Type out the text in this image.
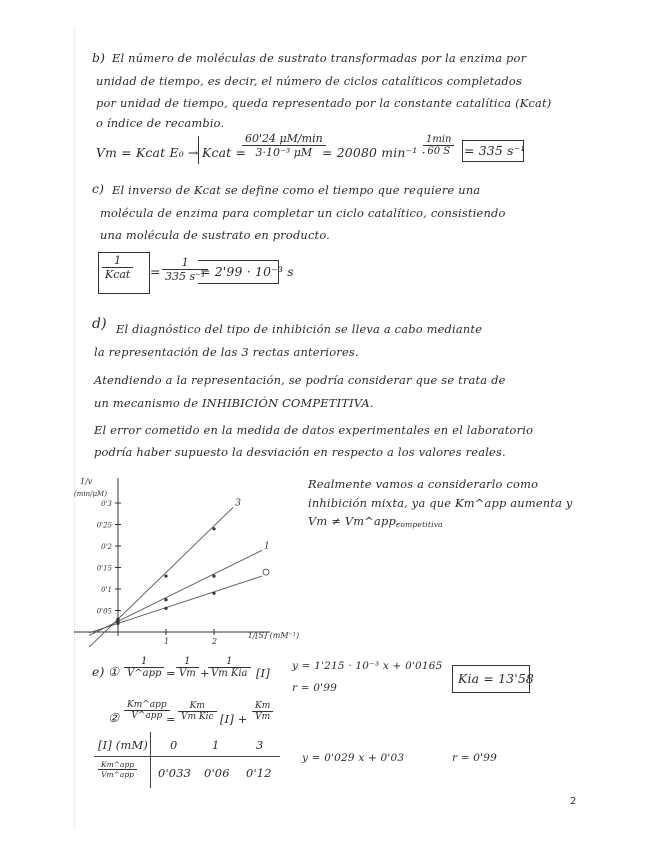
b) El número de moléculas de sustrato transformadas por la enzima por
unidad de tiempo, es decir, el número de ciclos catalíticos completados
por unidad de tiempo, queda representado por la constante catalítica (Kcat)
o índice de recambio.
Vm = Kcat E₀ → Kcat =
60'24 μM/min
3·10⁻³ μM = 20080 min⁻¹ ·
1min
60 S	= 335 s⁻¹
c) El inverso de Kcat se define como el tiempo que requiere una
molécula de enzima para completar un ciclo catalítico, consistiendo
una molécula de sustrato en producto.
1
Kcat = $\frac{1}{\text{335 s⁻¹}}$
= 2'99 · 10⁻³ s
d) El diagnóstico del tipo de inhibición se lleva a cabo mediante
la representación de las 3 rectas anteriores.
Atendiendo a la representación, se podría considerar que se trata de
un mecanismo de INHIBICIÓN COMPETITIVA.
El error cometido en la medida de datos experimentales en el laboratorio
podría haber supuesto la desviación en respecto a los valores reales.
0'3
0'25
0'2
0'15
0'1
0'05
1	2
1/v
(min/μM)
1/[S] (mM⁻¹)
3
1
Realmente vamos a considerarlo como
inhibición mixta, ya que Km^app aumenta y
Vm ≠ Vm^app.
competitiva
e) ①
1
V^app = $\frac{1}{Vm}$ +
1
Vm Kia [I] y = 1'215 · 10⁻³ x + 0'0165
r = 0'99
Kia = 13'58
②
Km^app
V^app =
Km
Vm Kic $[I] + \frac{Km}{Vm}$
[I] (mM) 0	1	3
Km^app
Vm^app 0'033 0'06 0'12
y = 0'029 x + 0'03	r = 0'99
2
